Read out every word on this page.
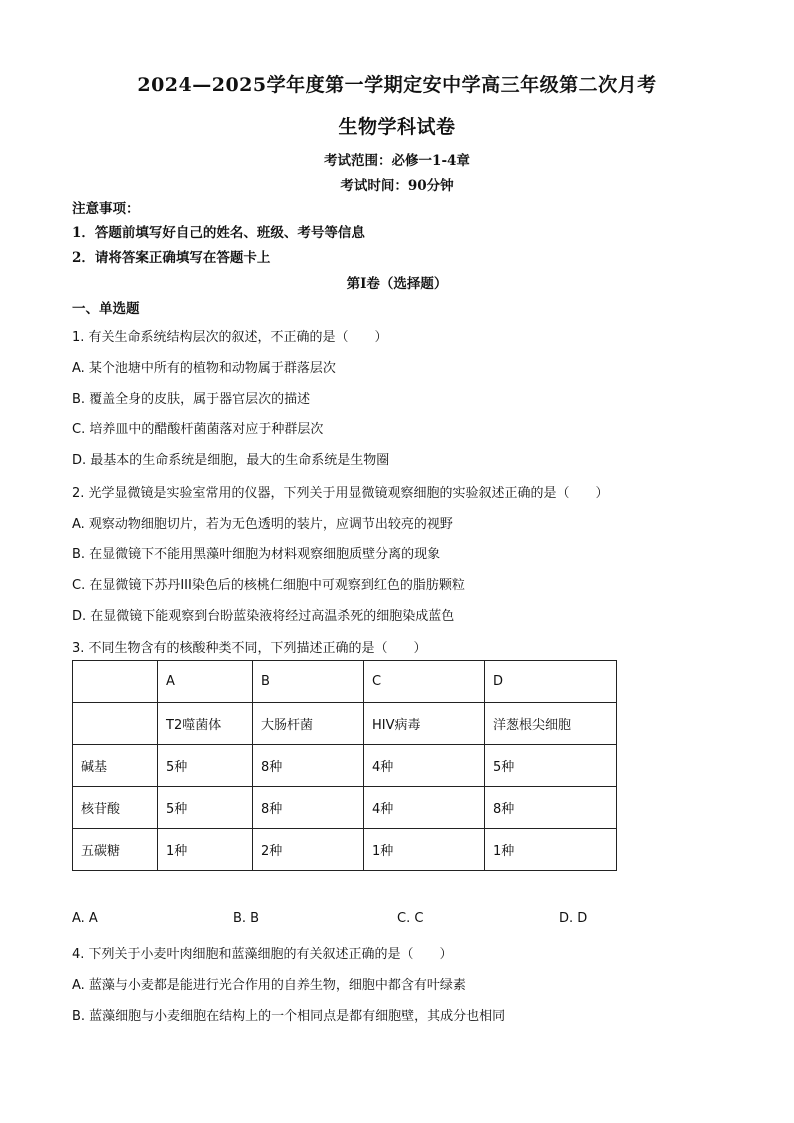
2024—2025学年度第一学期定安中学高三年级第二次月考
生物学科试卷
考试范围：必修一1-4章
考试时间：90分钟
注意事项：
1．答题前填写好自己的姓名、班级、考号等信息
2．请将答案正确填写在答题卡上
第I卷（选择题）
一、单选题
1. 有关生命系统结构层次的叙述，不正确的是（　　）
A. 某个池塘中所有的植物和动物属于群落层次
B. 覆盖全身的皮肤，属于器官层次的描述
C. 培养皿中的醋酸杆菌菌落对应于种群层次
D. 最基本的生命系统是细胞，最大的生命系统是生物圈
2. 光学显微镜是实验室常用的仪器，下列关于用显微镜观察细胞的实验叙述正确的是（　　）
A. 观察动物细胞切片，若为无色透明的装片，应调节出较亮的视野
B. 在显微镜下不能用黑藻叶细胞为材料观察细胞质壁分离的现象
C. 在显微镜下苏丹III染色后的核桃仁细胞中可观察到红色的脂肪颗粒
D. 在显微镜下能观察到台盼蓝染液将经过高温杀死的细胞染成蓝色
3. 不同生物含有的核酸种类不同，下列描述正确的是（　　）
	A	B	C	D
	T2噬菌体	大肠杆菌	HIV病毒	洋葱根尖细胞
碱基	5种	8种	4种	5种
核苷酸	5种	8种	4种	8种
五碳糖	1种	2种	1种	1种
A. A	B. B	C. C	D. D
4. 下列关于小麦叶肉细胞和蓝藻细胞的有关叙述正确的是（　　）
A. 蓝藻与小麦都是能进行光合作用的自养生物，细胞中都含有叶绿素
B. 蓝藻细胞与小麦细胞在结构上的一个相同点是都有细胞壁，其成分也相同
